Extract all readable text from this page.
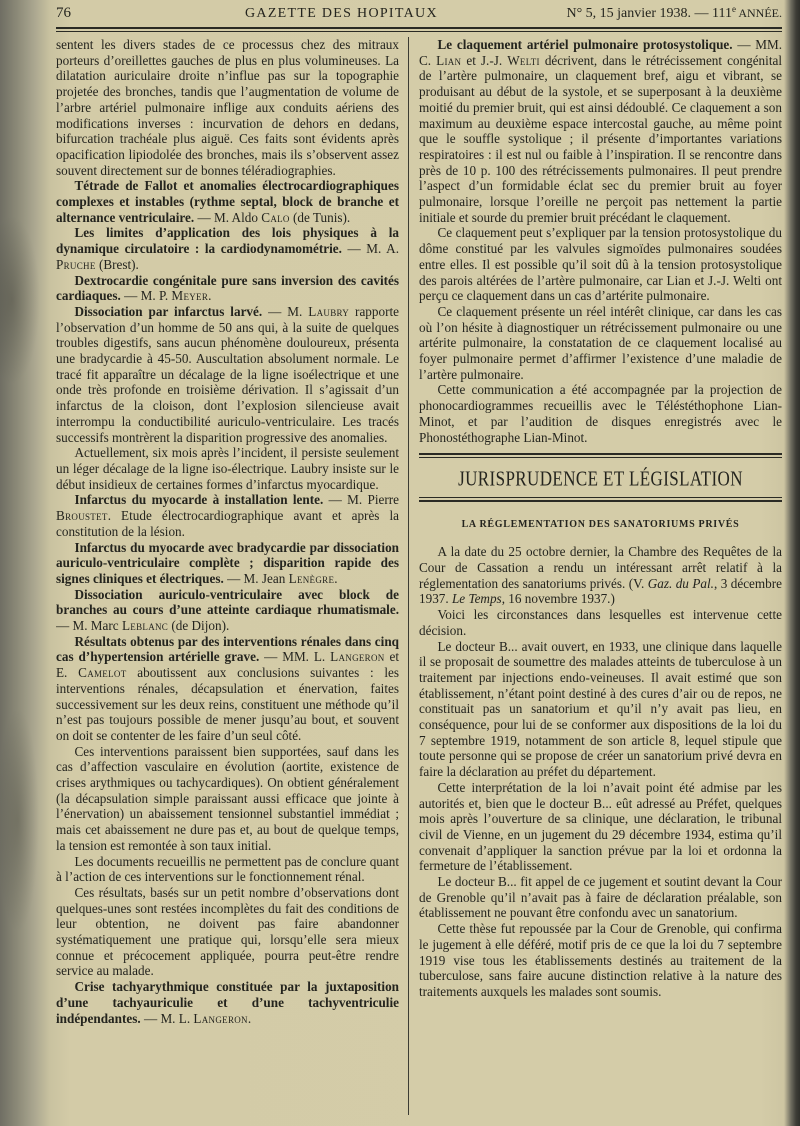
76	GAZETTE DES HOPITAUX	N° 5, 15 janvier 1938. — 111e ANNÉE.

sentent les divers stades de ce processus chez des mitraux porteurs d’oreillettes gauches de plus en plus volumineuses. La dilatation auriculaire droite n’influe pas sur la topographie projetée des bronches, tandis que l’augmentation de volume de l’arbre artériel pulmonaire inflige aux conduits aériens des modifications inverses : incurvation de dehors en dedans, bifurcation trachéale plus aiguë. Ces faits sont évidents après opacification lipiodolée des bronches, mais ils s’observent assez souvent directement sur de bonnes téléradiographies.

Tétrade de Fallot et anomalies électrocardiographiques complexes et instables (rythme septal, block de branche et alternance ventriculaire. — M. Aldo Calo (de Tunis).

Les limites d’application des lois physiques à la dynamique circulatoire : la cardiodynamométrie. — M. A. Pruche (Brest).

Dextrocardie congénitale pure sans inversion des cavités cardiaques. — M. P. Meyer.

Dissociation par infarctus larvé. — M. Laubry rapporte l’observation d’un homme de 50 ans qui, à la suite de quelques troubles digestifs, sans aucun phénomène douloureux, présenta une bradycardie à 45-50. Auscultation absolument normale. Le tracé fit apparaître un décalage de la ligne isoélectrique et une onde très profonde en troisième dérivation. Il s’agissait d’un infarctus de la cloison, dont l’explosion silencieuse avait interrompu la conductibilité auriculo-ventriculaire. Les tracés successifs montrèrent la disparition progressive des anomalies.

Actuellement, six mois après l’incident, il persiste seulement un léger décalage de la ligne iso-électrique. Laubry insiste sur le début insidieux de certaines formes d’infarctus myocardique.

Infarctus du myocarde à installation lente. — M. Pierre Broustet. Etude électrocardiographique avant et après la constitution de la lésion.

Infarctus du myocarde avec bradycardie par dissociation auriculo-ventriculaire complète ; disparition rapide des signes cliniques et électriques. — M. Jean Lenègre.

Dissociation auriculo-ventriculaire avec block de branches au cours d’une atteinte cardiaque rhumatismale. — M. Marc Leblanc (de Dijon).

Résultats obtenus par des interventions rénales dans cinq cas d’hypertension artérielle grave. — MM. L. Langeron et E. Camelot aboutissent aux conclusions suivantes : les interventions rénales, décapsulation et énervation, faites successivement sur les deux reins, constituent une méthode qu’il n’est pas toujours possible de mener jusqu’au bout, et souvent on doit se contenter de les faire d’un seul côté.

Ces interventions paraissent bien supportées, sauf dans les cas d’affection vasculaire en évolution (aortite, existence de crises arythmiques ou tachycardiques). On obtient généralement (la décapsulation simple paraissant aussi efficace que jointe à l’énervation) un abaissement tensionnel substantiel immédiat ; mais cet abaissement ne dure pas et, au bout de quelque temps, la tension est remontée à son taux initial.

Les documents recueillis ne permettent pas de conclure quant à l’action de ces interventions sur le fonctionnement rénal.

Ces résultats, basés sur un petit nombre d’observations dont quelques-unes sont restées incomplètes du fait des conditions de leur obtention, ne doivent pas faire abandonner systématiquement une pratique qui, lorsqu’elle sera mieux connue et précocement appliquée, pourra peut-être rendre service au malade.

Crise tachyarythmique constituée par la juxtaposition d’une tachyauriculie et d’une tachyventriculie indépendantes. — M. L. Langeron.

Le claquement artériel pulmonaire protosystolique. — MM. C. Lian et J.-J. Welti décrivent, dans le rétrécissement congénital de l’artère pulmonaire, un claquement bref, aigu et vibrant, se produisant au début de la systole, et se superposant à la deuxième moitié du premier bruit, qui est ainsi dédoublé. Ce claquement a son maximum au deuxième espace intercostal gauche, au même point que le souffle systolique ; il présente d’importantes variations respiratoires : il est nul ou faible à l’inspiration. Il se rencontre dans près de 10 p. 100 des rétrécissements pulmonaires. Il peut prendre l’aspect d’un formidable éclat sec du premier bruit au foyer pulmonaire, lorsque l’oreille ne perçoit pas nettement la partie initiale et sourde du premier bruit précédant le claquement.

Ce claquement peut s’expliquer par la tension protosystolique du dôme constitué par les valvules sigmoïdes pulmonaires soudées entre elles. Il est possible qu’il soit dû à la tension protosystolique des parois altérées de l’artère pulmonaire, car Lian et J.-J. Welti ont perçu ce claquement dans un cas d’artérite pulmonaire.

Ce claquement présente un réel intérêt clinique, car dans les cas où l’on hésite à diagnostiquer un rétrécissement pulmonaire ou une artérite pulmonaire, la constatation de ce claquement localisé au foyer pulmonaire permet d’affirmer l’existence d’une maladie de l’artère pulmonaire.

Cette communication a été accompagnée par la projection de phonocardiogrammes recueillis avec le Téléstéthophone Lian-Minot, et par l’audition de disques enregistrés avec le Phonostéthographe Lian-Minot.

JURISPRUDENCE ET LÉGISLATION
LA RÉGLEMENTATION DES SANATORIUMS PRIVÉS

A la date du 25 octobre dernier, la Chambre des Requêtes de la Cour de Cassation a rendu un intéressant arrêt relatif à la réglementation des sanatoriums privés. (V. Gaz. du Pal., 3 décembre 1937. Le Temps, 16 novembre 1937.)

Voici les circonstances dans lesquelles est intervenue cette décision.

Le docteur B... avait ouvert, en 1933, une clinique dans laquelle il se proposait de soumettre des malades atteints de tuberculose à un traitement par injections endo-veineuses. Il avait estimé que son établissement, n’étant point destiné à des cures d’air ou de repos, ne constituait pas un sanatorium et qu’il n’y avait pas lieu, en conséquence, pour lui de se conformer aux dispositions de la loi du 7 septembre 1919, notamment de son article 8, lequel stipule que toute personne qui se propose de créer un sanatorium privé devra en faire la déclaration au préfet du département.

Cette interprétation de la loi n’avait point été admise par les autorités et, bien que le docteur B... eût adressé au Préfet, quelques mois après l’ouverture de sa clinique, une déclaration, le tribunal civil de Vienne, en un jugement du 29 décembre 1934, estima qu’il convenait d’appliquer la sanction prévue par la loi et ordonna la fermeture de l’établissement.

Le docteur B... fit appel de ce jugement et soutint devant la Cour de Grenoble qu’il n’avait pas à faire de déclaration préalable, son établissement ne pouvant être confondu avec un sanatorium.

Cette thèse fut repoussée par la Cour de Grenoble, qui confirma le jugement à elle déféré, motif pris de ce que la loi du 7 septembre 1919 vise tous les établissements destinés au traitement de la tuberculose, sans faire aucune distinction relative à la nature des traitements auxquels les malades sont soumis.
